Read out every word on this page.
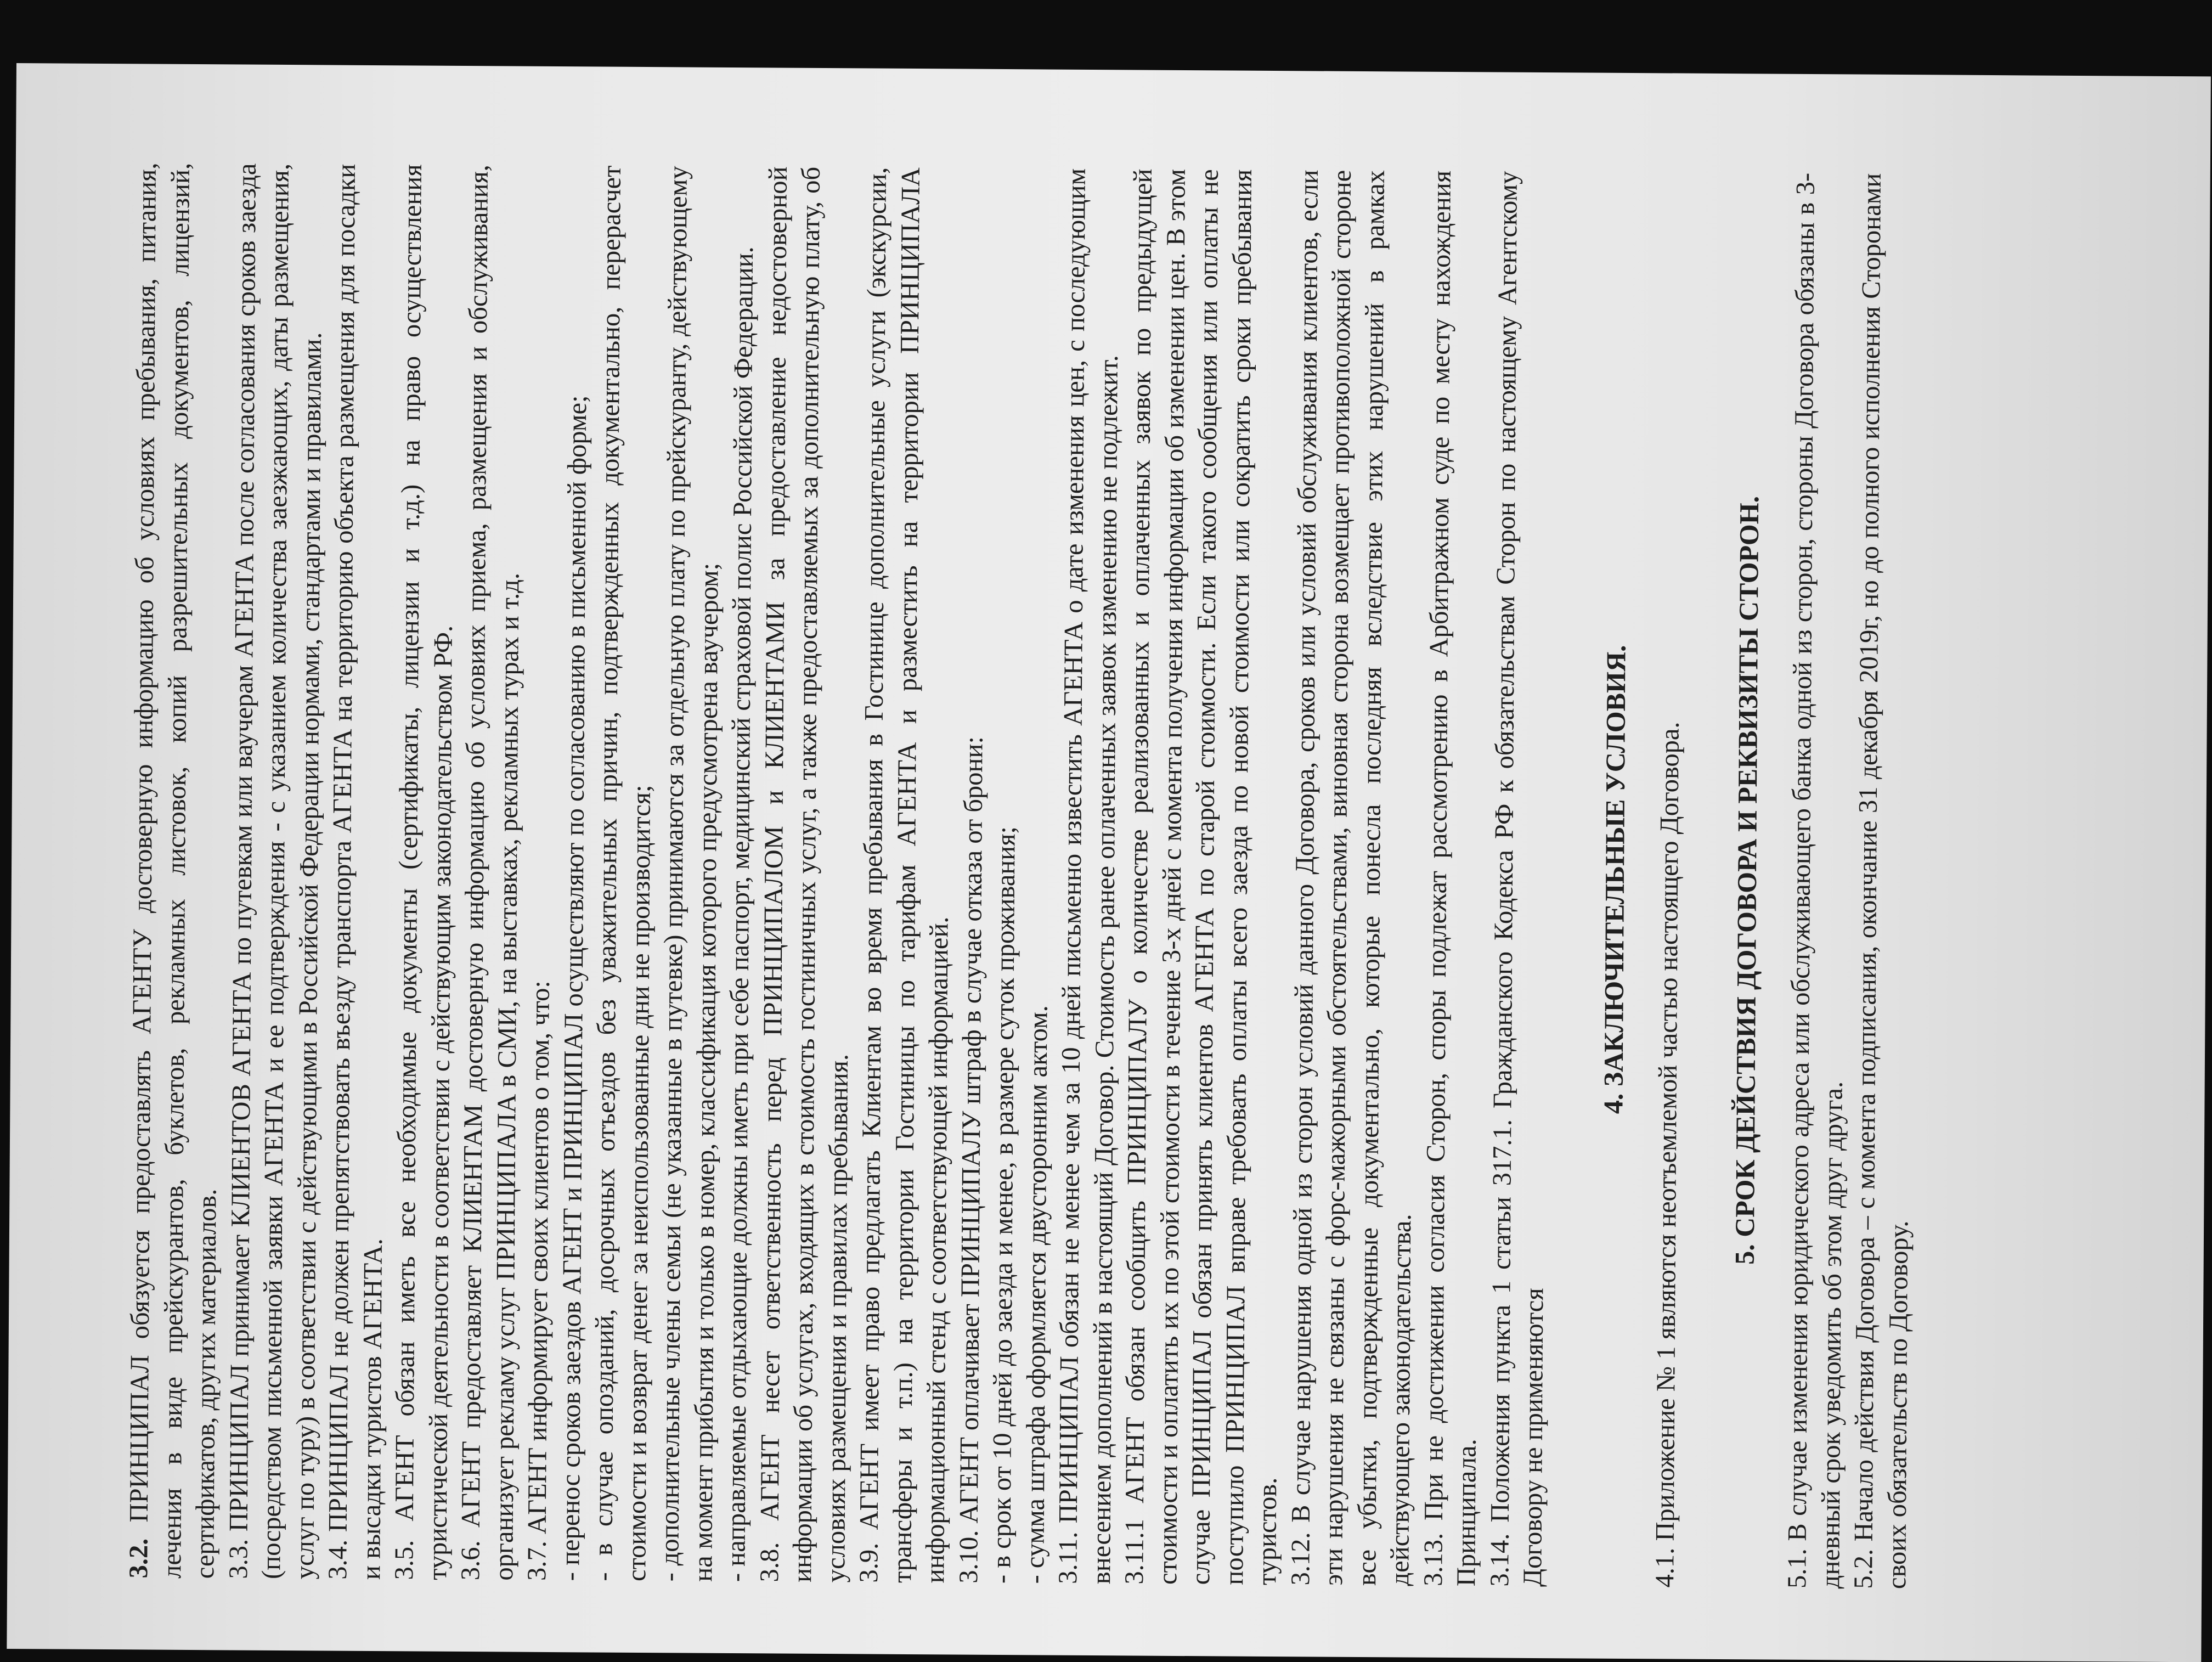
3.2. ПРИНЦИПАЛ обязуется предоставлять АГЕНТУ достоверную информацию об условиях пребывания, питания, лечения в виде прейскурантов, буклетов, рекламных листовок, копий разрешительных документов, лицензий, сертификатов, других материалов. 3.3. ПРИНЦИПАЛ принимает КЛИЕНТОВ АГЕНТА по путевкам или ваучерам АГЕНТА после согласования сроков заезда (посредством письменной заявки АГЕНТА и ее подтверждения - с указанием количества заезжающих, даты размещения, услуг по туру) в соответствии с действующими в Российской Федерации нормами, стандартами и правилами.

3.4. ПРИНЦИПАЛ не должен препятствовать въезду транспорта АГЕНТА на территорию объекта размещения для посадки и высадки туристов АГЕНТА. 3.5. АГЕНТ обязан иметь все необходимые документы (сертификаты, лицензии и т.д.) на право осуществления туристической деятельности в соответствии с действующим законодательством РФ.

3.6. АГЕНТ предоставляет КЛИЕНТАМ достоверную информацию об условиях приема, размещения и обслуживания, организует рекламу услуг ПРИНЦИПАЛА в СМИ, на выставках, рекламных турах и т.д.

3.7. АГЕНТ информирует своих клиентов о том, что: - перенос сроков заездов АГЕНТ и ПРИНЦИПАЛ осуществляют по согласованию в письменной форме;

- в случае опозданий, досрочных отъездов без уважительных причин, подтвержденных документально, перерасчет стоимости и возврат денег за неиспользованные дни не производится;

- дополнительные члены семьи (не указанные в путевке) принимаются за отдельную плату по прейскуранту, действующему на момент прибытия и только в номер, классификация которого предусмотрена ваучером;

- направляемые отдыхающие должны иметь при себе паспорт, медицинский страховой полис Российской Федерации.

3.8. АГЕНТ несет ответственность перед ПРИНЦИПАЛОМ и КЛИЕНТАМИ за предоставление недостоверной информации об услугах, входящих в стоимость гостиничных услуг, а также предоставляемых за дополнительную плату, об условиях размещения и правилах пребывания. 3.9. АГЕНТ имеет право предлагать Клиентам во время пребывания в Гостинице дополнительные услуги (экскурсии, трансферы и т.п.) на территории Гостиницы по тарифам АГЕНТА и разместить на территории ПРИНЦИПАЛА информационный стенд с соответствующей информацией. 3.10. АГЕНТ оплачивает ПРИНЦИПАЛУ штраф в случае отказа от брони:

- в срок от 10 дней до заезда и менее, в размере суток проживания; - сумма штрафа оформляется двусторонним актом. 3.11. ПРИНЦИПАЛ обязан не менее чем за 10 дней письменно известить АГЕНТА о дате изменения цен, с последующим внесением дополнений в настоящий Договор. Стоимость ранее оплаченных заявок изменению не подлежит.

3.11.1 АГЕНТ обязан сообщить ПРИНЦИПАЛУ о количестве реализованных и оплаченных заявок по предыдущей стоимости и оплатить их по этой стоимости в течение 3-х дней с момента получения информации об изменении цен. В этом случае ПРИНЦИПАЛ обязан принять клиентов АГЕНТА по старой стоимости. Если такого сообщения или оплаты не поступило ПРИНЦИПАЛ вправе требовать оплаты всего заезда по новой стоимости или сократить сроки пребывания туристов. 3.12. В случае нарушения одной из сторон условий данного Договора, сроков или условий обслуживания клиентов, если эти нарушения не связаны с форс-мажорными обстоятельствами, виновная сторона возмещает противоположной стороне все убытки, подтвержденные документально, которые понесла последняя вследствие этих нарушений в рамках действующего законодательства. 3.13. При не достижении согласия Сторон, споры подлежат рассмотрению в Арбитражном суде по месту нахождения Принципала. 3.14. Положения пункта 1 статьи 317.1. Гражданского Кодекса РФ к обязательствам Сторон по настоящему Агентскому Договору не применяются

4. ЗАКЛЮЧИТЕЛЬНЫЕ УСЛОВИЯ.

4.1. Приложение № 1 являются неотъемлемой частью настоящего Договора. 5. СРОК ДЕЙСТВИЯ ДОГОВОРА И РЕКВИЗИТЫ СТОРОН.

5.1. В случае изменения юридического адреса или обслуживающего банка одной из сторон, стороны Договора обязаны в 3-дневный срок уведомить об этом друг друга. 5.2. Начало действия Договора – с момента подписания, окончание 31 декабря 2019г, но до полного исполнения Сторонами своих обязательств по Договору.
